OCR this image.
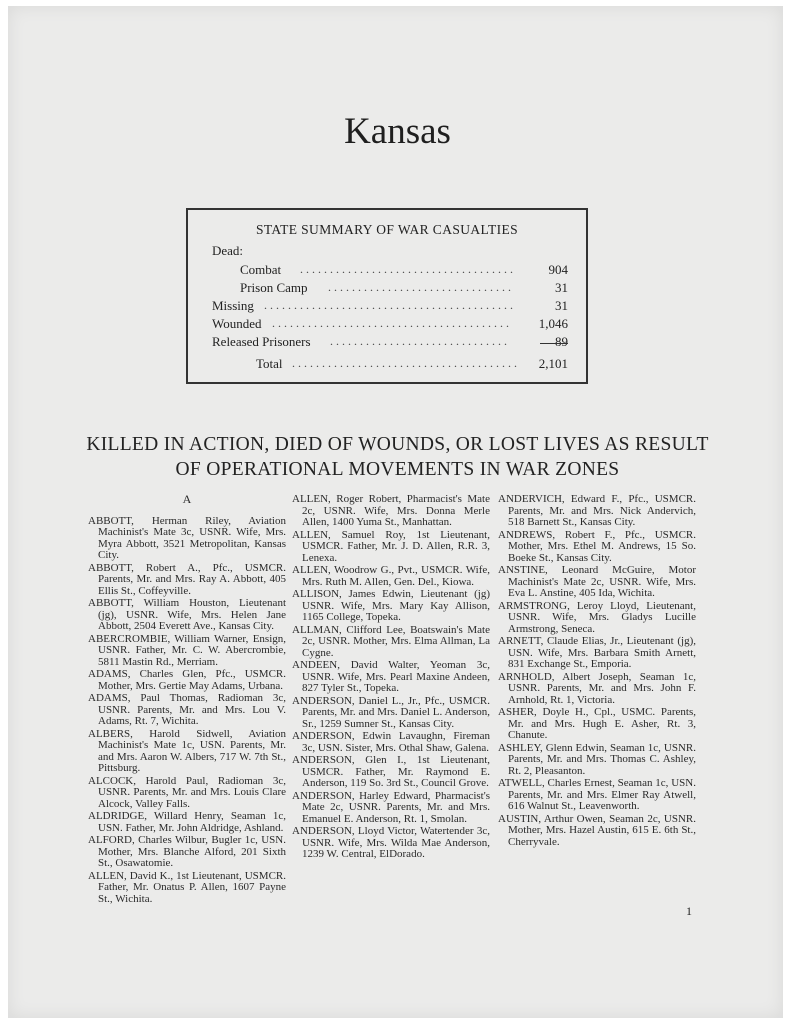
Kansas
STATE SUMMARY OF WAR CASUALTIES
Dead:
Combat . . . . . . . . . . . . . . . . . . . . . . . . . . . . . . . . . . . .	904
Prison Camp . . . . . . . . . . . . . . . . . . . . . . . . . . . . . . .	31
Missing . . . . . . . . . . . . . . . . . . . . . . . . . . . . . . . . . . . . . . . . . .	31
Wounded . . . . . . . . . . . . . . . . . . . . . . . . . . . . . . . . . . . . . . . .	1,046
Released Prisoners . . . . . . . . . . . . . . . . . . . . . . . . . . . . . .	89
Total . . . . . . . . . . . . . . . . . . . . . . . . . . . . . . . . . . . . . .	2,101
KILLED IN ACTION, DIED OF WOUNDS, OR LOST LIVES AS RESULT
OF OPERATIONAL MOVEMENTS IN WAR ZONES

A

ABBOTT, Herman Riley, Aviation Machinist's Mate 3c, USNR. Wife, Mrs. Myra Abbott, 3521 Metropolitan, Kansas City.

ABBOTT, Robert A., Pfc., USMCR. Parents, Mr. and Mrs. Ray A. Abbott, 405 Ellis St., Coffeyville.

ABBOTT, William Houston, Lieutenant (jg), USNR. Wife, Mrs. Helen Jane Abbott, 2504 Everett Ave., Kansas City.

ABERCROMBIE, William Warner, Ensign, USNR. Father, Mr. C. W. Abercrombie, 5811 Mastin Rd., Merriam.

ADAMS, Charles Glen, Pfc., USMCR. Mother, Mrs. Gertie May Adams, Urbana.

ADAMS, Paul Thomas, Radioman 3c, USNR. Parents, Mr. and Mrs. Lou V. Adams, Rt. 7, Wichita.

ALBERS, Harold Sidwell, Aviation Machinist's Mate 1c, USN. Parents, Mr. and Mrs. Aaron W. Albers, 717 W. 7th St., Pittsburg.

ALCOCK, Harold Paul, Radioman 3c, USNR. Parents, Mr. and Mrs. Louis Clare Alcock, Valley Falls.

ALDRIDGE, Willard Henry, Seaman 1c, USN. Father, Mr. John Aldridge, Ashland.

ALFORD, Charles Wilbur, Bugler 1c, USN. Mother, Mrs. Blanche Alford, 201 Sixth St., Osawatomie.

ALLEN, David K., 1st Lieutenant, USMCR. Father, Mr. Onatus P. Allen, 1607 Payne St., Wichita.

ALLEN, Roger Robert, Pharmacist's Mate 2c, USNR. Wife, Mrs. Donna Merle Allen, 1400 Yuma St., Manhattan.

ALLEN, Samuel Roy, 1st Lieutenant, USMCR. Father, Mr. J. D. Allen, R.R. 3, Lenexa.

ALLEN, Woodrow G., Pvt., USMCR. Wife, Mrs. Ruth M. Allen, Gen. Del., Kiowa.

ALLISON, James Edwin, Lieutenant (jg) USNR. Wife, Mrs. Mary Kay Allison, 1165 College, Topeka.

ALLMAN, Clifford Lee, Boatswain's Mate 2c, USNR. Mother, Mrs. Elma Allman, La Cygne.

ANDEEN, David Walter, Yeoman 3c, USNR. Wife, Mrs. Pearl Maxine Andeen, 827 Tyler St., Topeka.

ANDERSON, Daniel L., Jr., Pfc., USMCR. Parents, Mr. and Mrs. Daniel L. Anderson, Sr., 1259 Sumner St., Kansas City.

ANDERSON, Edwin Lavaughn, Fireman 3c, USN. Sister, Mrs. Othal Shaw, Galena.

ANDERSON, Glen I., 1st Lieutenant, USMCR. Father, Mr. Raymond E. Anderson, 119 So. 3rd St., Council Grove.

ANDERSON, Harley Edward, Pharmacist's Mate 2c, USNR. Parents, Mr. and Mrs. Emanuel E. Anderson, Rt. 1, Smolan.

ANDERSON, Lloyd Victor, Watertender 3c, USNR. Wife, Mrs. Wilda Mae Anderson, 1239 W. Central, ElDorado.

ANDERVICH, Edward F., Pfc., USMCR. Parents, Mr. and Mrs. Nick Andervich, 518 Barnett St., Kansas City.

ANDREWS, Robert F., Pfc., USMCR. Mother, Mrs. Ethel M. Andrews, 15 So. Boeke St., Kansas City.

ANSTINE, Leonard McGuire, Motor Machinist's Mate 2c, USNR. Wife, Mrs. Eva L. Anstine, 405 Ida, Wichita.

ARMSTRONG, Leroy Lloyd, Lieutenant, USNR. Wife, Mrs. Gladys Lucille Armstrong, Seneca.

ARNETT, Claude Elias, Jr., Lieutenant (jg), USN. Wife, Mrs. Barbara Smith Arnett, 831 Exchange St., Emporia.

ARNHOLD, Albert Joseph, Seaman 1c, USNR. Parents, Mr. and Mrs. John F. Arnhold, Rt. 1, Victoria.

ASHER, Doyle H., Cpl., USMC. Parents, Mr. and Mrs. Hugh E. Asher, Rt. 3, Chanute.

ASHLEY, Glenn Edwin, Seaman 1c, USNR. Parents, Mr. and Mrs. Thomas C. Ashley, Rt. 2, Pleasanton.

ATWELL, Charles Ernest, Seaman 1c, USN. Parents, Mr. and Mrs. Elmer Ray Atwell, 616 Walnut St., Leavenworth.

AUSTIN, Arthur Owen, Seaman 2c, USNR. Mother, Mrs. Hazel Austin, 615 E. 6th St., Cherryvale.

1
